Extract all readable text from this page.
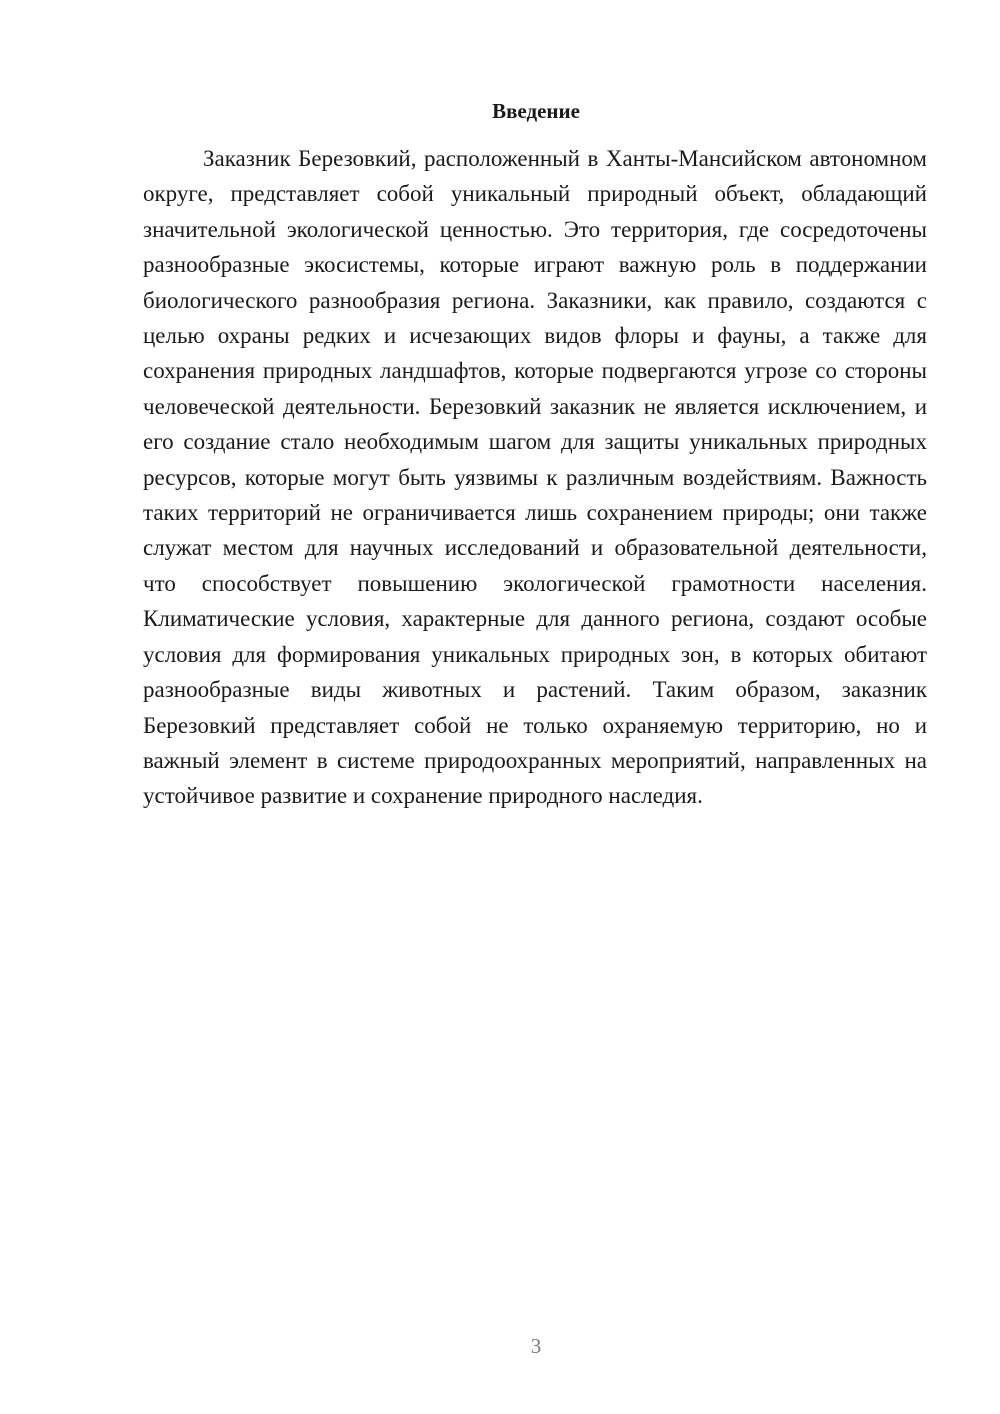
Введение

Заказник Березовкий, расположенный в Ханты-Мансийском автономном округе, представляет собой уникальный природный объект, обладающий значительной экологической ценностью. Это территория, где сосредоточены разнообразные экосистемы, которые играют важную роль в поддержании биологического разнообразия региона. Заказники, как правило, создаются с целью охраны редких и исчезающих видов флоры и фауны, а также для сохранения природных ландшафтов, которые подвергаются угрозе со стороны человеческой деятельности. Березовкий заказник не является исключением, и его создание стало необходимым шагом для защиты уникальных природных ресурсов, которые могут быть уязвимы к различным воздействиям. Важность таких территорий не ограничивается лишь сохранением природы; они также служат местом для научных исследований и образовательной деятельности, что способствует повышению экологической грамотности населения. Климатические условия, характерные для данного региона, создают особые условия для формирования уникальных природных зон, в которых обитают разнообразные виды животных и растений. Таким образом, заказник Березовкий представляет собой не только охраняемую территорию, но и важный элемент в системе природоохранных мероприятий, направленных на устойчивое развитие и сохранение природного наследия.

3
